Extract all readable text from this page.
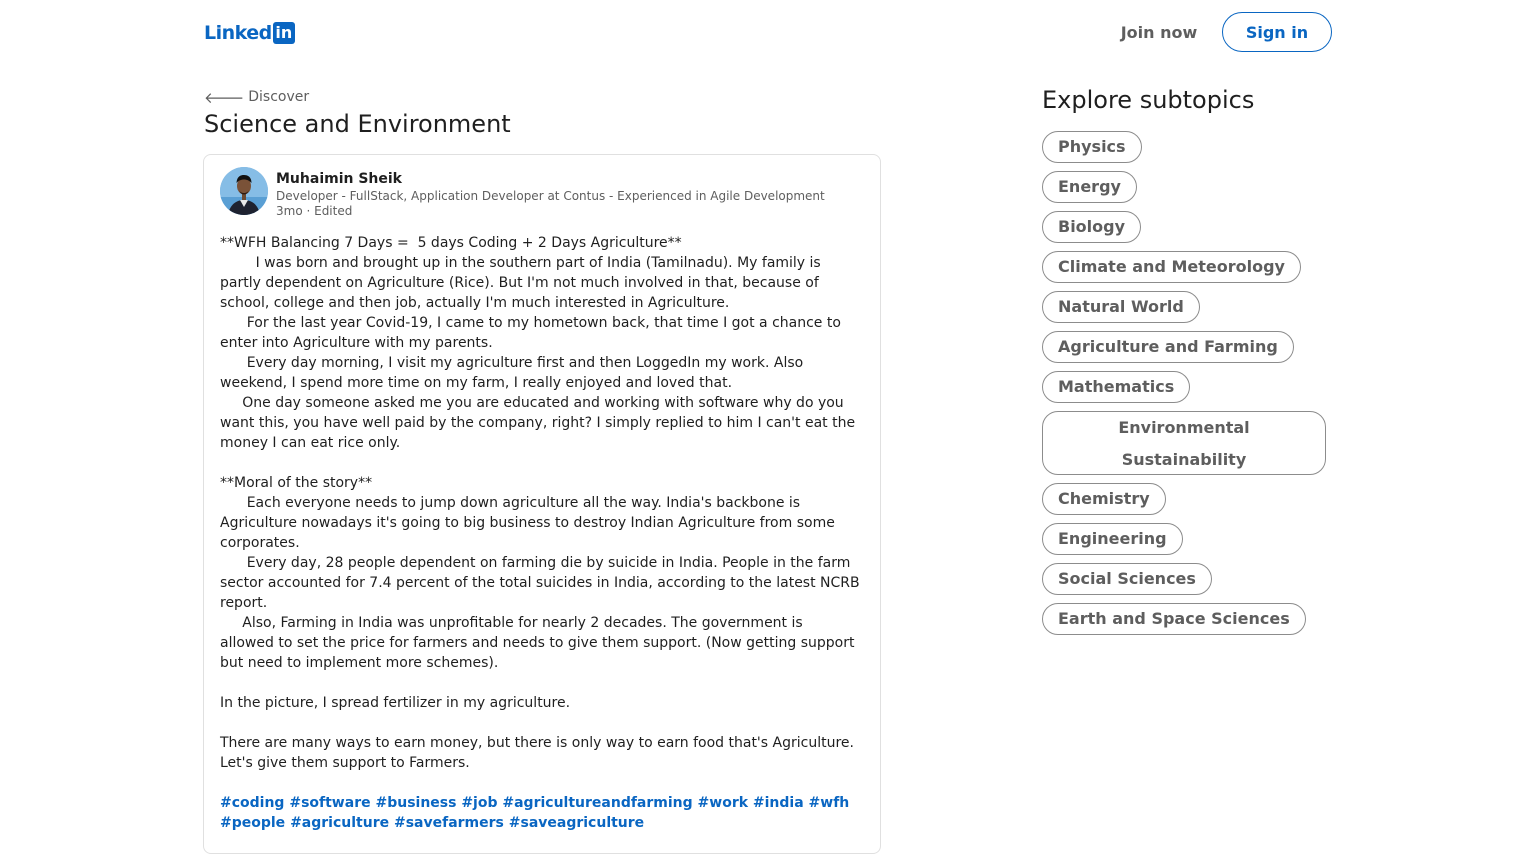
Linked in	Join now	Sign in
🡐 Discover
Science and Environment
Muhaimin Sheik
Developer - FullStack, Application Developer at Contus - Experienced in Agile Development
3mo · Edited
**WFH Balancing 7 Days =  5 days Coding + 2 Days Agriculture**
I was born and brought up in the southern part of India (Tamilnadu). My family is
partly dependent on Agriculture (Rice). But I'm not much involved in that, because of
school, college and then job, actually I'm much interested in Agriculture.
For the last year Covid-19, I came to my hometown back, that time I got a chance to
enter into Agriculture with my parents.
Every day morning, I visit my agriculture first and then LoggedIn my work. Also
weekend, I spend more time on my farm, I really enjoyed and loved that.
One day someone asked me you are educated and working with software why do you
want this, you have well paid by the company, right? I simply replied to him I can't eat the
money I can eat rice only.
**Moral of the story**
Each everyone needs to jump down agriculture all the way. India's backbone is
Agriculture nowadays it's going to big business to destroy Indian Agriculture from some
corporates.
Every day, 28 people dependent on farming die by suicide in India. People in the farm
sector accounted for 7.4 percent of the total suicides in India, according to the latest NCRB
report.
Also, Farming in India was unprofitable for nearly 2 decades. The government is
allowed to set the price for farmers and needs to give them support. (Now getting support
but need to implement more schemes).
In the picture, I spread fertilizer in my agriculture.
There are many ways to earn money, but there is only way to earn food that's Agriculture.
Let's give them support to Farmers.
#coding #software #business #job #agricultureandfarming #work #india #wfh
#people #agriculture #savefarmers #saveagriculture
Explore subtopics
Physics
Energy
Biology
Climate and Meteorology
Natural World
Agriculture and Farming
Mathematics
Environmental Sustainability
Chemistry
Engineering
Social Sciences
Earth and Space Sciences
